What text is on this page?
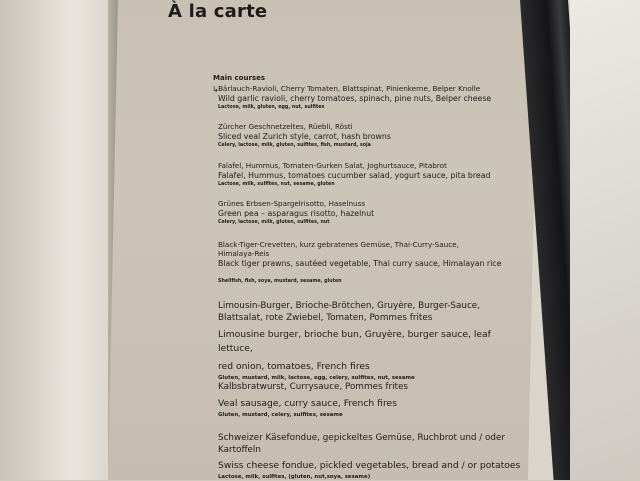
À la carte
Main courses
↳ Bärlauch-Ravioli, Cherry Tomaten, Blattspinat, Pinienkerne, Belper Knolle
Wild garlic ravioli, cherry tomatoes, spinach, pine nuts, Belper cheese
Lactose, milk, gluten, egg, nut, sulfites
Zürcher Geschnetzeltes, Rüebli, Rösti
Sliced veal Zurich style, carrot, hash browns
Celery, lactose, milk, gluten, sulfites, fish, mustard, soja
Falafel, Hummus, Tomaten-Gurken Salat, Joghurtsauce, Pitabrot
Falafel, Hummus, tomatoes cucumber salad, yogurt sauce, pita bread
Lactose, milk, sulfites, nut, sesame, gluten
Grünes Erbsen-Spargelrisotto, Haselnuss
Green pea – asparagus risotto, hazelnut
Celery, lactose, milk, gluten, sulfites, nut
Black-Tiger-Crevetten, kurz gebratenes Gemüse, Thai-Curry-Sauce, Himalaya-Reis
Black tiger prawns, sautéed vegetable, Thai curry sauce, Himalayan rice
Shellfish, fish, soya, mustard, sesame, gluten
Limousin-Burger, Brioche-Brötchen, Gruyère, Burger-Sauce, Blattsalat, rote Zwiebel, Tomaten, Pommes frites
Limousine burger, brioche bun, Gruyère, burger sauce, leaf lettuce,
red onion, tomatoes, French fires
Gluten, mustard, milk, lactose, egg, celery, sulfites, nut, sesame
Kalbsbratwurst, Currysauce, Pommes frites
Veal sausage, curry sauce, French fires
Gluten, mustard, celery, sulfites, sesame
Schweizer Käsefondue, gepickeltes Gemüse, Ruchbrot und / oder Kartoffeln
Swiss cheese fondue, pickled vegetables, bread and / or potatoes
Lactose, milk, sulfites, (gluten, nut,soya, sesame)
